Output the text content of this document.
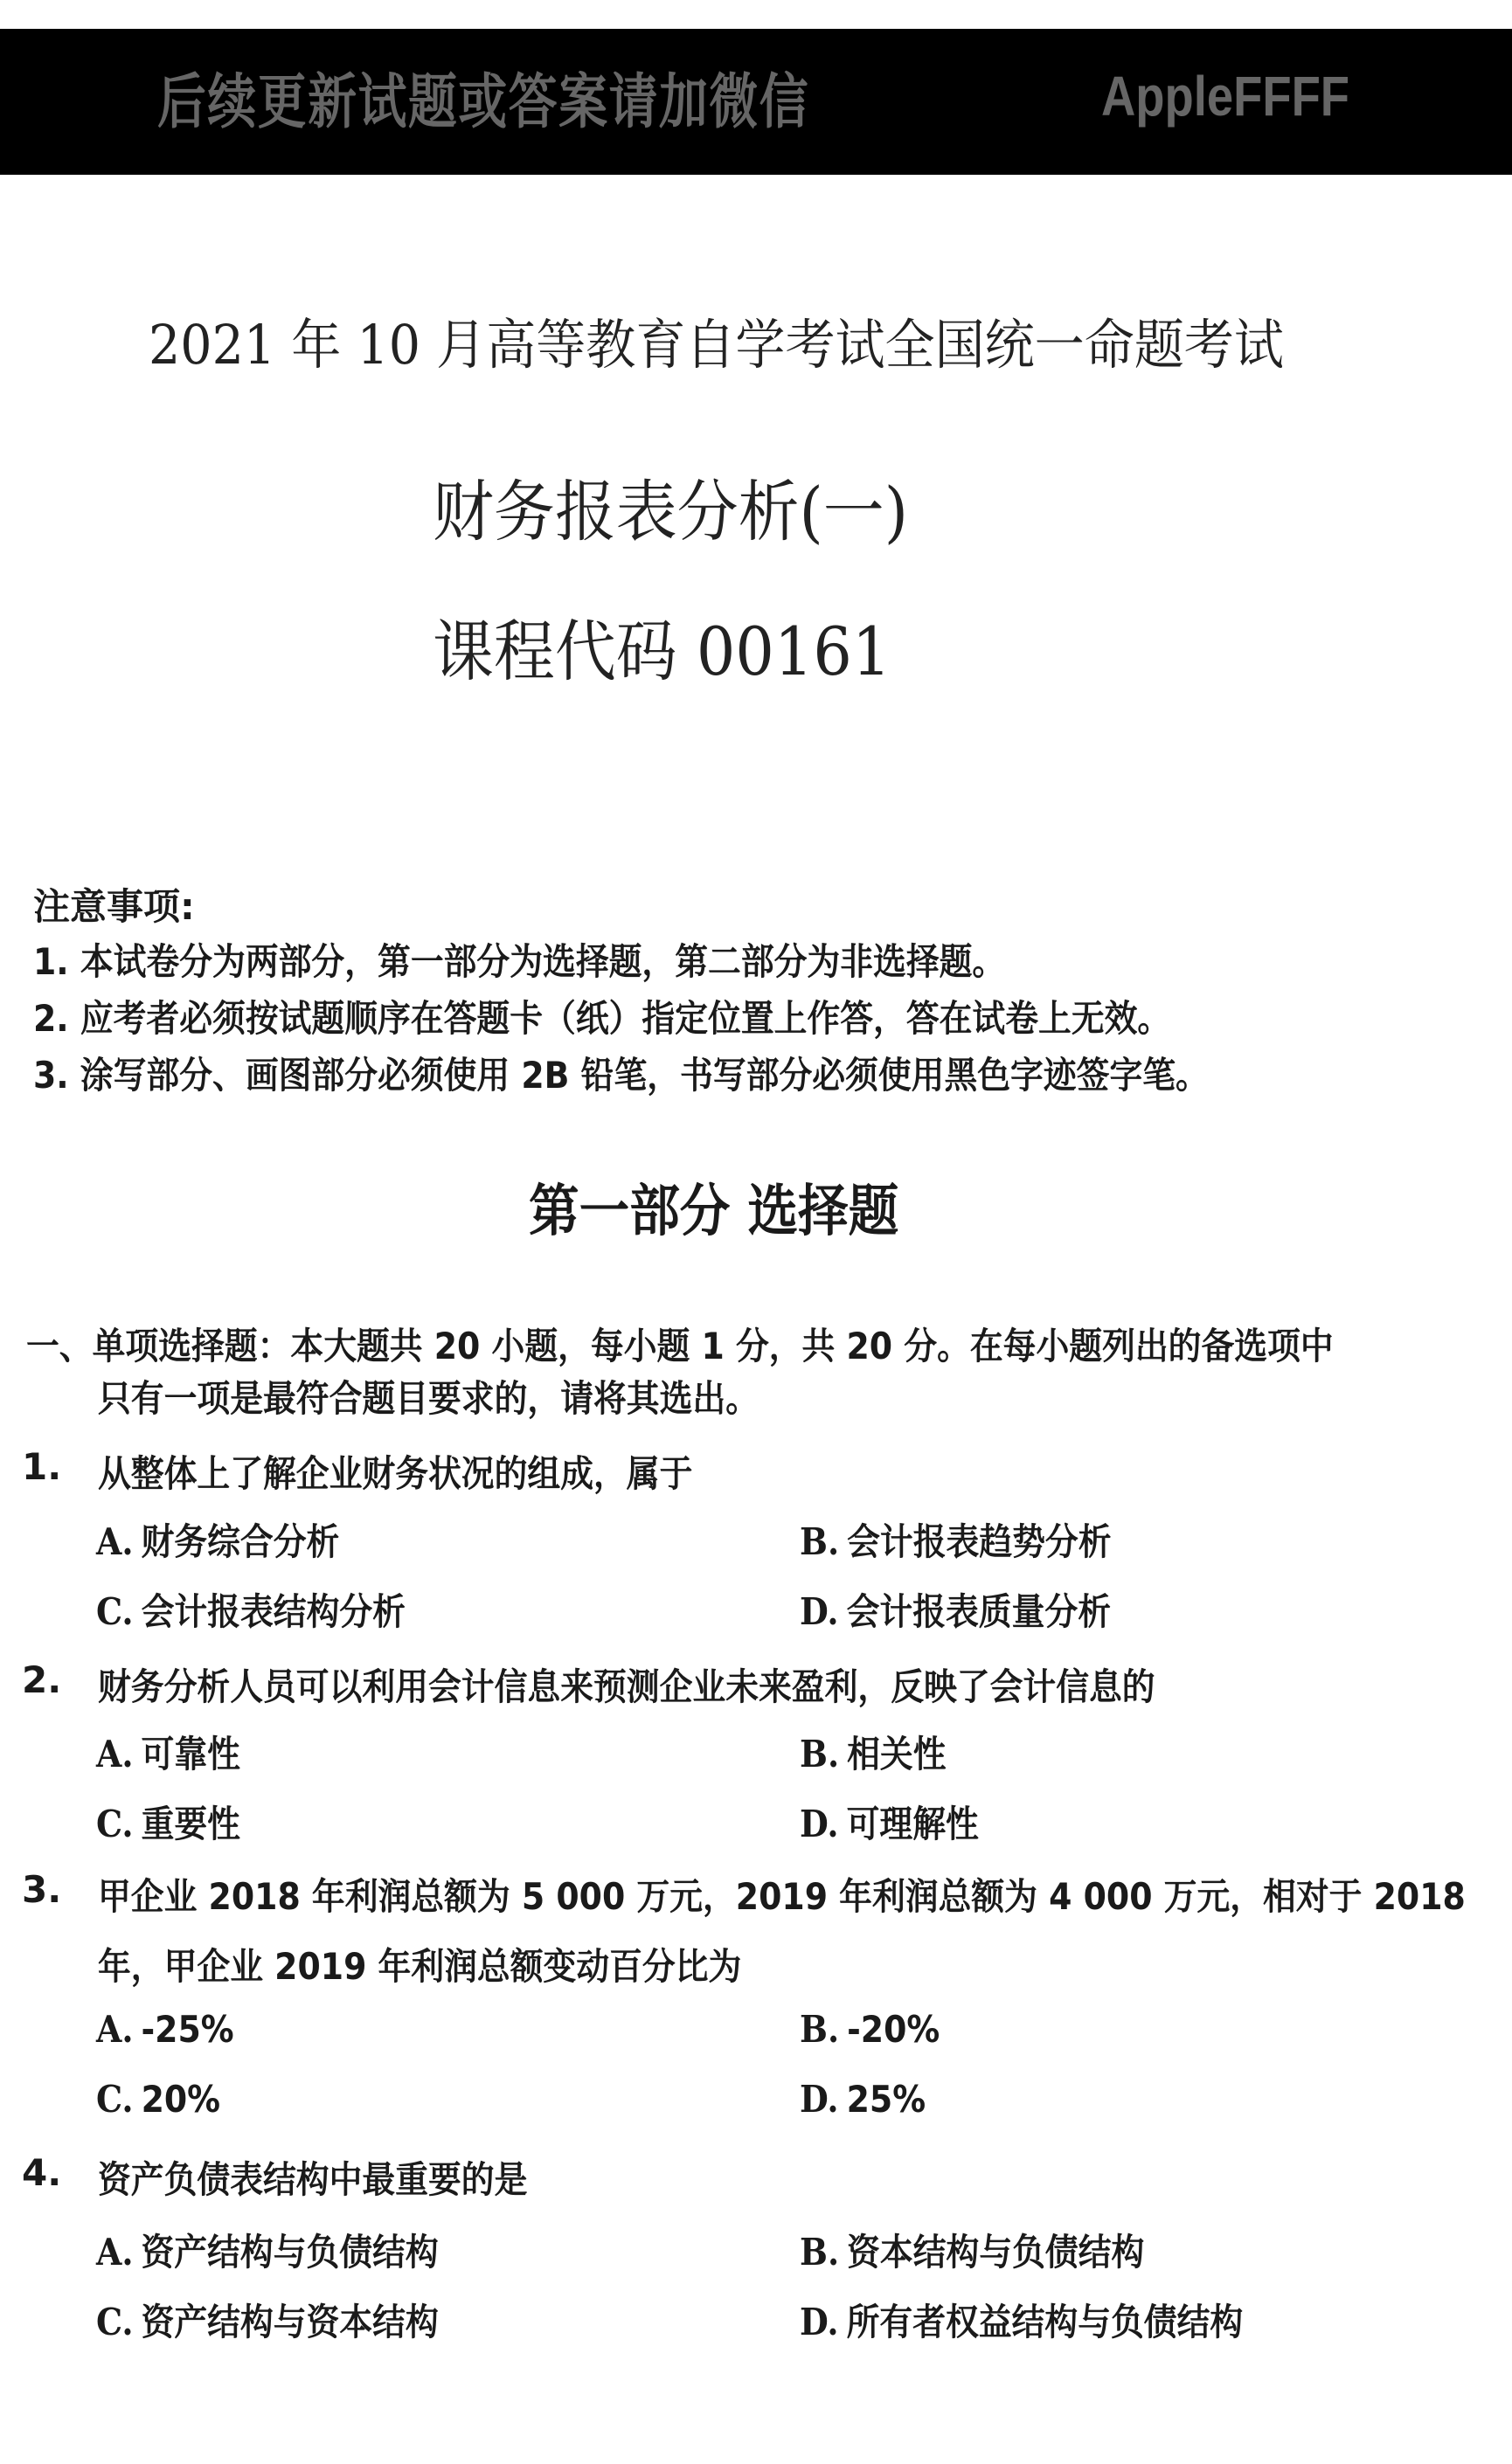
后续更新试题或答案请加微信	AppleFFFF
2021 年 10 月高等教育自学考试全国统一命题考试
财务报表分析(一)
课程代码 00161
注意事项:
1. 本试卷分为两部分，第一部分为选择题，第二部分为非选择题。
2. 应考者必须按试题顺序在答题卡（纸）指定位置上作答，答在试卷上无效。
3. 涂写部分、画图部分必须使用 2B 铅笔，书写部分必须使用黑色字迹签字笔。
第一部分 选择题
一、单项选择题：本大题共 20 小题，每小题 1 分，共 20 分。在每小题列出的备选项中
只有一项是最符合题目要求的，请将其选出。
1. 从整体上了解企业财务状况的组成，属于
A. 财务综合分析	B. 会计报表趋势分析
C. 会计报表结构分析	D. 会计报表质量分析
2. 财务分析人员可以利用会计信息来预测企业未来盈利，反映了会计信息的
A. 可靠性	B. 相关性
C. 重要性	D. 可理解性
3. 甲企业 2018 年利润总额为 5 000 万元，2019 年利润总额为 4 000 万元，相对于 2018
年，甲企业 2019 年利润总额变动百分比为
A. -25%	B. -20%
C. 20%	D. 25%
4. 资产负债表结构中最重要的是
A. 资产结构与负债结构	B. 资本结构与负债结构
C. 资产结构与资本结构	D. 所有者权益结构与负债结构
